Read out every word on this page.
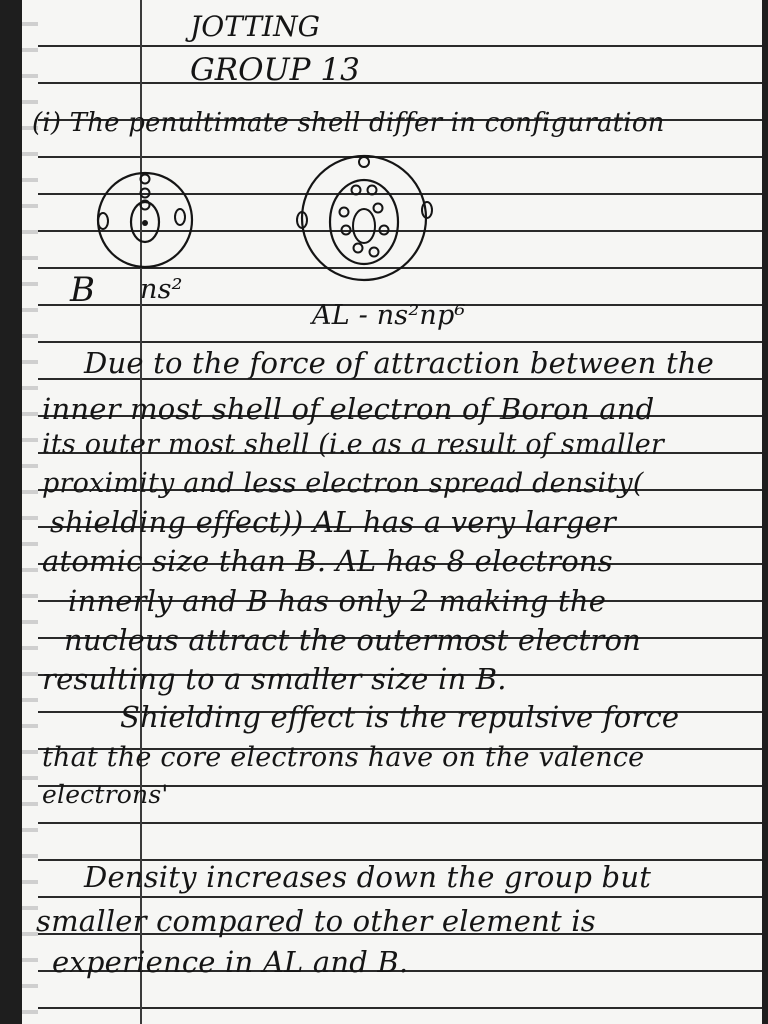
JOTTING
GROUP 13
(i) The penultimate shell differ in configuration
B ns²
AL - ns²np⁶
Due to the force of attraction between the
inner most shell of electron of Boron and
its outer most shell (i.e as a result of smaller
proximity and less electron spread density(
shielding effect)) AL has a very larger
atomic size than B. AL has 8 electrons
innerly and B has only 2 making the
nucleus attract the outermost electron
resulting to a smaller size in B.
Shielding effect is the repulsive force
that the core electrons have on the valence
electrons'
Density increases down the group but
smaller compared to other element is
experience in AL and B.
